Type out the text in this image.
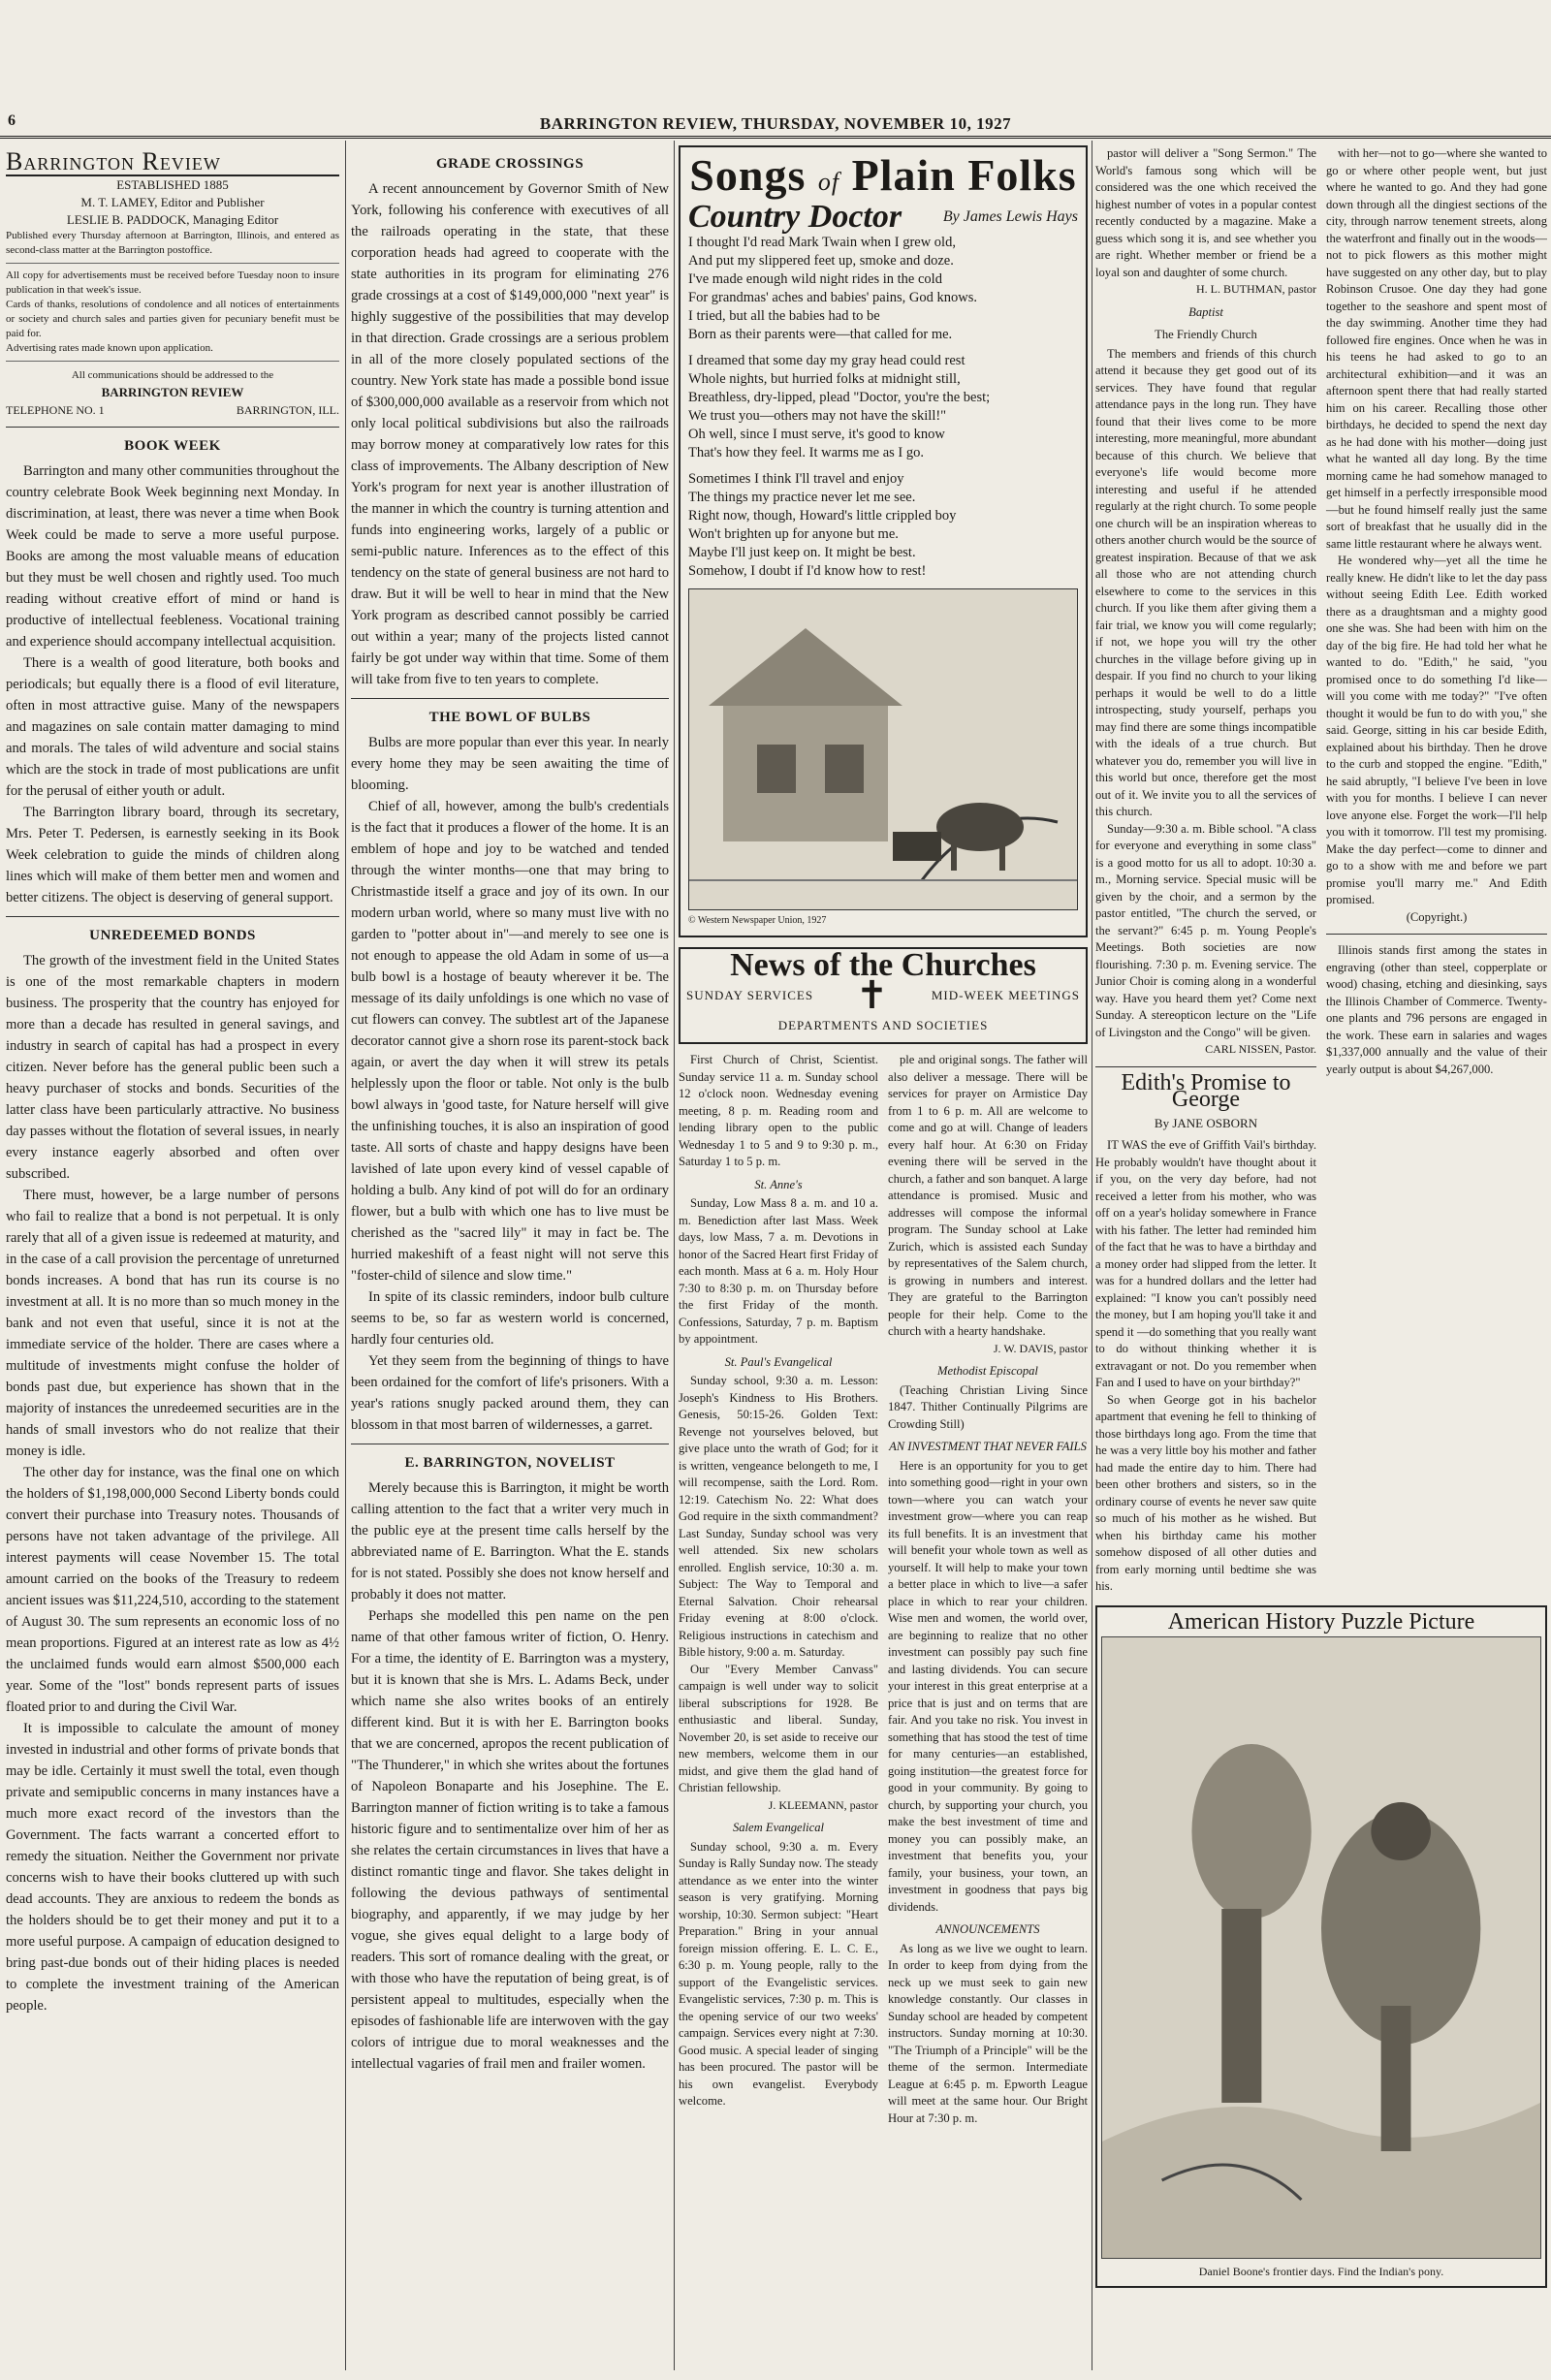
6	BARRINGTON REVIEW, THURSDAY, NOVEMBER 10, 1927
Barrington Review
ESTABLISHED 1885
M. T. LAMEY, Editor and Publisher
LESLIE B. PADDOCK, Managing Editor
Published every Thursday afternoon at Barrington, Illinois, and entered as second-class matter at the Barrington postoffice.
All copy for advertisements must be received before Tuesday noon to insure publication in that week's issue.
Cards of thanks, resolutions of condolence and all notices of entertainments or society and church sales and parties given for pecuniary benefit must be paid for.
Advertising rates made known upon application.
All communications should be addressed to the
BARRINGTON REVIEW
TELEPHONE NO. 1	BARRINGTON, ILL.
BOOK WEEK

Barrington and many other communities throughout the country celebrate Book Week beginning next Monday. In discrimination, at least, there was never a time when Book Week could be made to serve a more useful purpose. Books are among the most valuable means of education but they must be well chosen and rightly used. Too much reading without creative effort of mind or hand is productive of intellectual feebleness. Vocational training and experience should accompany intellectual acquisition.

There is a wealth of good literature, both books and periodicals; but equally there is a flood of evil literature, often in most attractive guise. Many of the newspapers and magazines on sale contain matter damaging to mind and morals. The tales of wild adventure and social stains which are the stock in trade of most publications are unfit for the perusal of either youth or adult.

The Barrington library board, through its secretary, Mrs. Peter T. Pedersen, is earnestly seeking in its Book Week celebration to guide the minds of children along lines which will make of them better men and women and better citizens. The object is deserving of general support.

UNREDEEMED BONDS

The growth of the investment field in the United States is one of the most remarkable chapters in modern business. The prosperity that the country has enjoyed for more than a decade has resulted in general savings, and industry in search of capital has had a prospect in every citizen. Never before has the general public been such a heavy purchaser of stocks and bonds. Securities of the latter class have been particularly attractive. No business day passes without the flotation of several issues, in nearly every instance eagerly absorbed and often over subscribed.

There must, however, be a large number of persons who fail to realize that a bond is not perpetual. It is only rarely that all of a given issue is redeemed at maturity, and in the case of a call provision the percentage of unreturned bonds increases. A bond that has run its course is no investment at all. It is no more than so much money in the bank and not even that useful, since it is not at the immediate service of the holder. There are cases where a multitude of investments might confuse the holder of bonds past due, but experience has shown that in the majority of instances the unredeemed securities are in the hands of small investors who do not realize that their money is idle.

The other day for instance, was the final one on which the holders of $1,198,000,000 Second Liberty bonds could convert their purchase into Treasury notes. Thousands of persons have not taken advantage of the privilege. All interest payments will cease November 15. The total amount carried on the books of the Treasury to redeem ancient issues was $11,224,510, according to the statement of August 30. The sum represents an economic loss of no mean proportions. Figured at an interest rate as low as 4½ the unclaimed funds would earn almost $500,000 each year. Some of the "lost" bonds represent parts of issues floated prior to and during the Civil War.

It is impossible to calculate the amount of money invested in industrial and other forms of private bonds that may be idle. Certainly it must swell the total, even though private and semipublic concerns in many instances have a much more exact record of the investors than the Government. The facts warrant a concerted effort to remedy the situation. Neither the Government nor private concerns wish to have their books cluttered up with such dead accounts. They are anxious to redeem the bonds as the holders should be to get their money and put it to a more useful purpose. A campaign of education designed to bring past-due bonds out of their hiding places is needed to complete the investment training of the American people.

GRADE CROSSINGS

A recent announcement by Governor Smith of New York, following his conference with executives of all the railroads operating in the state, that these corporation heads had agreed to cooperate with the state authorities in its program for eliminating 276 grade crossings at a cost of $149,000,000 "next year" is highly suggestive of the possibilities that may develop in that direction. Grade crossings are a serious problem in all of the more closely populated sections of the country. New York state has made a possible bond issue of $300,000,000 available as a reservoir from which not only local political subdivisions but also the railroads may borrow money at comparatively low rates for this class of improvements. The Albany description of New York's program for next year is another illustration of the manner in which the country is turning attention and funds into engineering works, largely of a public or semi-public nature. Inferences as to the effect of this tendency on the state of general business are not hard to draw. But it will be well to hear in mind that the New York program as described cannot possibly be carried out within a year; many of the projects listed cannot fairly be got under way within that time. Some of them will take from five to ten years to complete.

THE BOWL OF BULBS

Bulbs are more popular than ever this year. In nearly every home they may be seen awaiting the time of blooming.

Chief of all, however, among the bulb's credentials is the fact that it produces a flower of the home. It is an emblem of hope and joy to be watched and tended through the winter months—one that may bring to Christmastide itself a grace and joy of its own. In our modern urban world, where so many must live with no garden to "potter about in"—and merely to see one is not enough to appease the old Adam in some of us—a bulb bowl is a hostage of beauty wherever it be. The message of its daily unfoldings is one which no vase of cut flowers can convey. The subtlest art of the Japanese decorator cannot give a shorn rose its parent-stock back again, or avert the day when it will strew its petals helplessly upon the floor or table. Not only is the bulb bowl always in 'good taste, for Nature herself will give the unfinishing touches, it is also an inspiration of good taste. All sorts of chaste and happy designs have been lavished of late upon every kind of vessel capable of holding a bulb. Any kind of pot will do for an ordinary flower, but a bulb with which one has to live must be cherished as the "sacred lily" it may in fact be. The hurried makeshift of a feast night will not serve this "foster-child of silence and slow time."

In spite of its classic reminders, indoor bulb culture seems to be, so far as western world is concerned, hardly four centuries old.

Yet they seem from the beginning of things to have been ordained for the comfort of life's prisoners. With a year's rations snugly packed around them, they can blossom in that most barren of wildernesses, a garret.

E. BARRINGTON, NOVELIST

Merely because this is Barrington, it might be worth calling attention to the fact that a writer very much in the public eye at the present time calls herself by the abbreviated name of E. Barrington. What the E. stands for is not stated. Possibly she does not know herself and probably it does not matter.

Perhaps she modelled this pen name on the pen name of that other famous writer of fiction, O. Henry. For a time, the identity of E. Barrington was a mystery, but it is known that she is Mrs. L. Adams Beck, under which name she also writes books of an entirely different kind. But it is with her E. Barrington books that we are concerned, apropos the recent publication of "The Thunderer," in which she writes about the fortunes of Napoleon Bonaparte and his Josephine. The E. Barrington manner of fiction writing is to take a famous historic figure and to sentimentalize over him of her as she relates the certain circumstances in lives that have a distinct romantic tinge and flavor. She takes delight in following the devious pathways of sentimental biography, and apparently, if we may judge by her vogue, she gives equal delight to a large body of readers. This sort of romance dealing with the great, or with those who have the reputation of being great, is of persistent appeal to multitudes, especially when the episodes of fashionable life are interwoven with the gay colors of intrigue due to moral weaknesses and the intellectual vagaries of frail men and frailer women.

Songs of Plain Folks
Country Doctor	By James Lewis Hays
I thought I'd read Mark Twain when I grew old,
And put my slippered feet up, smoke and doze.
I've made enough wild night rides in the cold
For grandmas' aches and babies' pains, God knows.
I tried, but all the babies had to be
Born as their parents were—that called for me.
I dreamed that some day my gray head could rest
Whole nights, but hurried folks at midnight still,
Breathless, dry-lipped, plead "Doctor, you're the best;
We trust you—others may not have the skill!"
Oh well, since I must serve, it's good to know
That's how they feel. It warms me as I go.
Sometimes I think I'll travel and enjoy
The things my practice never let me see.
Right now, though, Howard's little crippled boy
Won't brighten up for anyone but me.
Maybe I'll just keep on. It might be best.
Somehow, I doubt if I'd know how to rest!
© Western Newspaper Union, 1927
News of the Churches
SUNDAY SERVICES ✝	MID-WEEK MEETINGS
DEPARTMENTS AND SOCIETIES

First Church of Christ, Scientist. Sunday service 11 a. m. Sunday school 12 o'clock noon. Wednesday evening meeting, 8 p. m. Reading room and lending library open to the public Wednesday 1 to 5 and 9 to 9:30 p. m., Saturday 1 to 5 p. m.

St. Anne's

Sunday, Low Mass 8 a. m. and 10 a. m. Benediction after last Mass. Week days, low Mass, 7 a. m. Devotions in honor of the Sacred Heart first Friday of each month. Mass at 6 a. m. Holy Hour 7:30 to 8:30 p. m. on Thursday before the first Friday of the month. Confessions, Saturday, 7 p. m. Baptism by appointment.

St. Paul's Evangelical

Sunday school, 9:30 a. m. Lesson: Joseph's Kindness to His Brothers. Genesis, 50:15-26. Golden Text: Revenge not yourselves beloved, but give place unto the wrath of God; for it is written, vengeance belongeth to me, I will recompense, saith the Lord. Rom. 12:19. Catechism No. 22: What does God require in the sixth commandment? Last Sunday, Sunday school was very well attended. Six new scholars enrolled. English service, 10:30 a. m. Subject: The Way to Temporal and Eternal Salvation. Choir rehearsal Friday evening at 8:00 o'clock. Religious instructions in catechism and Bible history, 9:00 a. m. Saturday.

Our "Every Member Canvass" campaign is well under way to solicit liberal subscriptions for 1928. Be enthusiastic and liberal. Sunday, November 20, is set aside to receive our new members, welcome them in our midst, and give them the glad hand of Christian fellowship.

J. KLEEMANN, pastor
Salem Evangelical

Sunday school, 9:30 a. m. Every Sunday is Rally Sunday now. The steady attendance as we enter into the winter season is very gratifying. Morning worship, 10:30. Sermon subject: "Heart Preparation." Bring in your annual foreign mission offering. E. L. C. E., 6:30 p. m. Young people, rally to the support of the Evangelistic services. Evangelistic services, 7:30 p. m. This is the opening service of our two weeks' campaign. Services every night at 7:30. Good music. A special leader of singing has been procured. The pastor will be his own evangelist. Everybody welcome.

ple and original songs. The father will also deliver a message. There will be services for prayer on Armistice Day from 1 to 6 p. m. All are welcome to come and go at will. Change of leaders every half hour. At 6:30 on Friday evening there will be served in the church, a father and son banquet. A large attendance is promised. Music and addresses will compose the informal program. The Sunday school at Lake Zurich, which is assisted each Sunday by representatives of the Salem church, is growing in numbers and interest. They are grateful to the Barrington people for their help. Come to the church with a hearty handshake.

J. W. DAVIS, pastor
Methodist Episcopal

(Teaching Christian Living Since 1847. Thither Continually Pilgrims are Crowding Still)

AN INVESTMENT THAT NEVER FAILS

Here is an opportunity for you to get into something good—right in your own town—where you can watch your investment grow—where you can reap its full benefits. It is an investment that will benefit your whole town as well as yourself. It will help to make your town a better place in which to live—a safer place in which to rear your children. Wise men and women, the world over, are beginning to realize that no other investment can possibly pay such fine and lasting dividends. You can secure your interest in this great enterprise at a price that is just and on terms that are fair. And you take no risk. You invest in something that has stood the test of time for many centuries—an established, going institution—the greatest force for good in your community. By going to church, by supporting your church, you make the best investment of time and money you can possibly make, an investment that benefits you, your family, your business, your town, an investment in goodness that pays big dividends.

ANNOUNCEMENTS

As long as we live we ought to learn. In order to keep from dying from the neck up we must seek to gain new knowledge constantly. Our classes in Sunday school are headed by competent instructors. Sunday morning at 10:30. "The Triumph of a Principle" will be the theme of the sermon. Intermediate League at 6:45 p. m. Epworth League will meet at the same hour. Our Bright Hour at 7:30 p. m.

pastor will deliver a "Song Sermon." The World's famous song which will be considered was the one which received the highest number of votes in a popular contest recently conducted by a magazine. Make a guess which song it is, and see whether you are right. Whether member or friend be a loyal son and daughter of some church.

H. L. BUTHMAN, pastor
Baptist
The Friendly Church

The members and friends of this church attend it because they get good out of its services. They have found that regular attendance pays in the long run. They have found that their lives come to be more interesting, more meaningful, more abundant because of this church. We believe that everyone's life would become more interesting and useful if he attended regularly at the right church. To some people one church will be an inspiration whereas to others another church would be the source of greatest inspiration. Because of that we ask all those who are not attending church elsewhere to come to the services in this church. If you like them after giving them a fair trial, we know you will come regularly; if not, we hope you will try the other churches in the village before giving up in despair. If you find no church to your liking perhaps it would be well to do a little introspecting, study yourself, perhaps you may find there are some things incompatible with the ideals of a true church. But whatever you do, remember you will live in this world but once, therefore get the most out of it. We invite you to all the services of this church.

Sunday—9:30 a. m. Bible school. "A class for everyone and everything in some class" is a good motto for us all to adopt. 10:30 a. m., Morning service. Special music will be given by the choir, and a sermon by the pastor entitled, "The church the served, or the servant?" 6:45 p. m. Young People's Meetings. Both societies are now flourishing. 7:30 p. m. Evening service. The Junior Choir is coming along in a wonderful way. Have you heard them yet? Come next Sunday. A stereopticon lecture on the "Life of Livingston and the Congo" will be given.

CARL NISSEN, Pastor.
Edith's Promise to George
By JANE OSBORN

IT WAS the eve of Griffith Vail's birthday. He probably wouldn't have thought about it if you, on the very day before, had not received a letter from his mother, who was off on a year's holiday somewhere in France with his father. The letter had reminded him of the fact that he was to have a birthday and a money order had slipped from the letter. It was for a hundred dollars and the letter had explained: "I know you can't possibly need the money, but I am hoping you'll take it and spend it —do something that you really want to do without thinking whether it is extravagant or not. Do you remember when Fan and I used to have on your birthday?"

So when George got in his bachelor apartment that evening he fell to thinking of those birthdays long ago. From the time that he was a very little boy his mother and father had made the entire day to him. There had been other brothers and sisters, so in the ordinary course of events he never saw quite so much of his mother as he wished. But when his birthday came his mother somehow disposed of all other duties and from early morning until bedtime she was his.

with her—not to go—where she wanted to go or where other people went, but just where he wanted to go. And they had gone down through all the dingiest sections of the city, through narrow tenement streets, along the waterfront and finally out in the woods—not to pick flowers as this mother might have suggested on any other day, but to play Robinson Crusoe. One day they had gone together to the seashore and spent most of the day swimming. Another time they had followed fire engines. Once when he was in his teens he had asked to go to an architectural exhibition—and it was an afternoon spent there that had really started him on his career. Recalling those other birthdays, he decided to spend the next day as he had done with his mother—doing just what he wanted all day long. By the time morning came he had somehow managed to get himself in a perfectly irresponsible mood—but he found himself really just the same sort of breakfast that he usually did in the same little restaurant where he always went.

He wondered why—yet all the time he really knew. He didn't like to let the day pass without seeing Edith Lee. Edith worked there as a draughtsman and a mighty good one she was. She had been with him on the day of the big fire. He had told her what he wanted to do. "Edith," he said, "you promised once to do something I'd like—will you come with me today?" "I've often thought it would be fun to do with you," she said. George, sitting in his car beside Edith, explained about his birthday. Then he drove to the curb and stopped the engine. "Edith," he said abruptly, "I believe I've been in love with you for months. I believe I can never love anyone else. Forget the work—I'll help you with it tomorrow. I'll test my promising. Make the day perfect—come to dinner and go to a show with me and before we part promise you'll marry me." And Edith promised.

(Copyright.)

Illinois stands first among the states in engraving (other than steel, copperplate or wood) chasing, etching and diesinking, says the Illinois Chamber of Commerce. Twenty-one plants and 796 persons are engaged in the work. These earn in salaries and wages $1,337,000 annually and the value of their yearly output is about $4,267,000.

American History Puzzle Picture
Daniel Boone's frontier days. Find the Indian's pony.
